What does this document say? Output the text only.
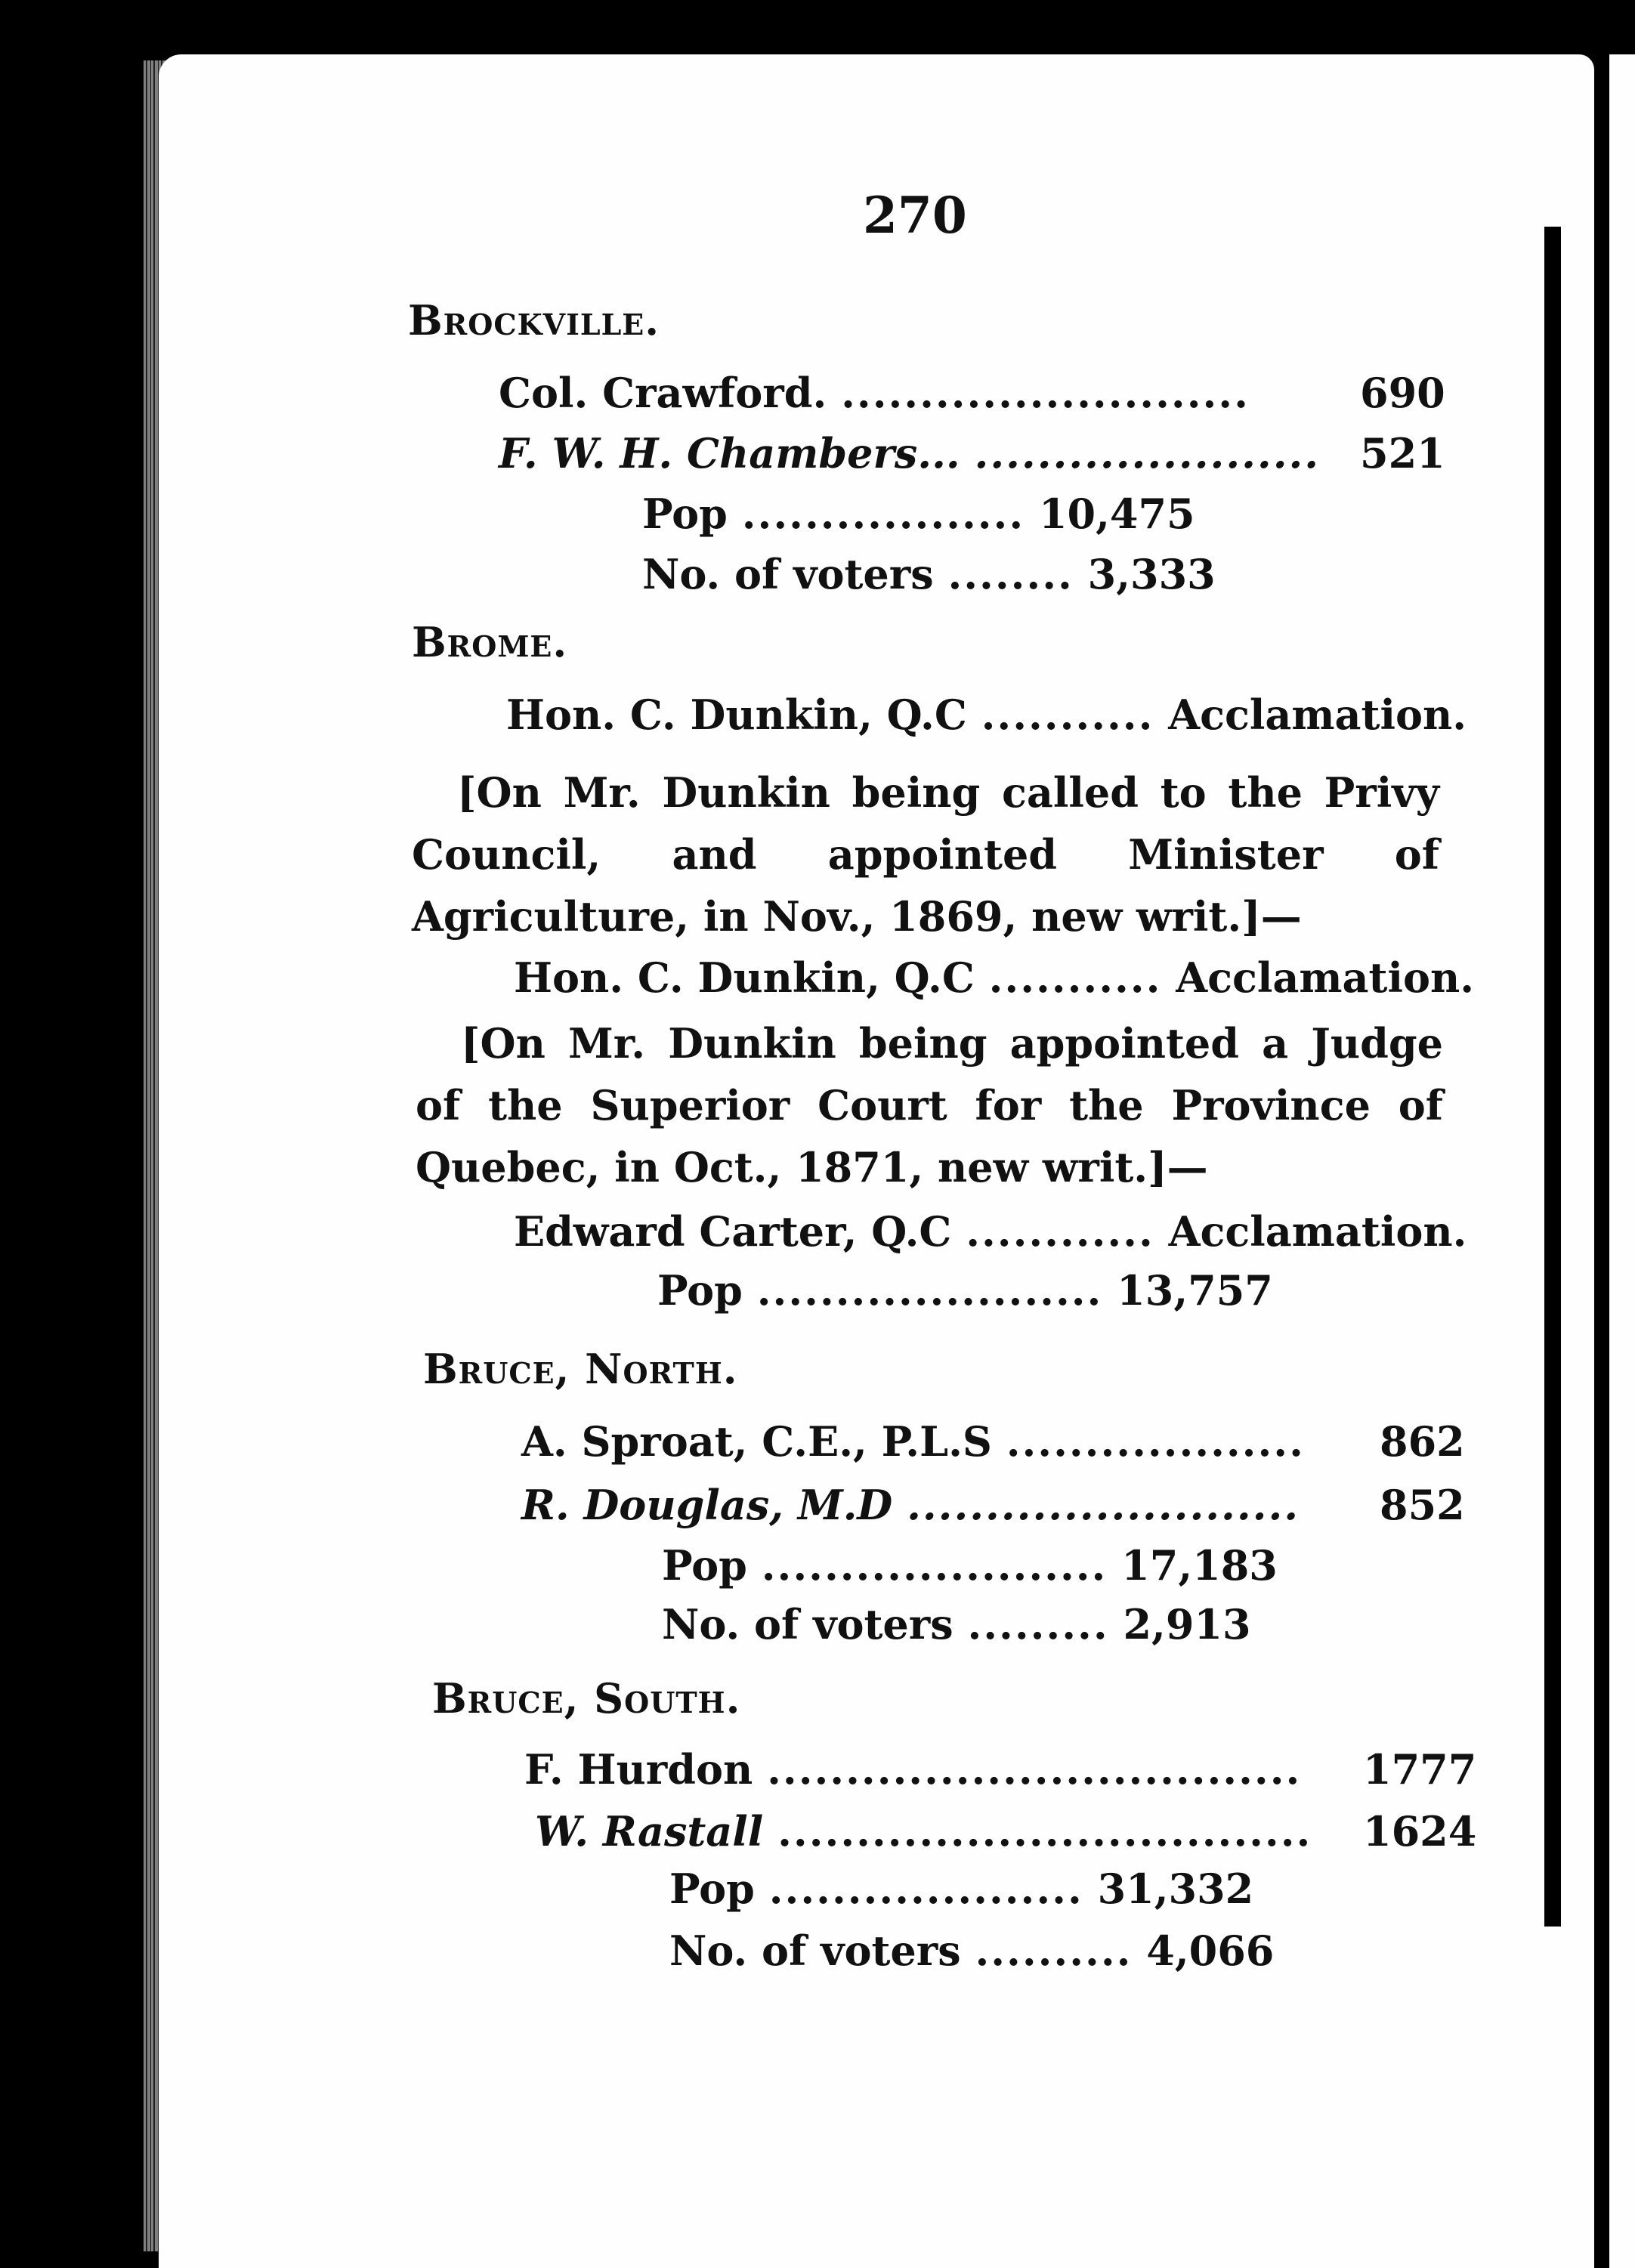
270
Brockville.
Col. Crawford. ..........................	690
F. W. H. Chambers... ...................... 521
Pop .................. 10,475
No. of voters ........ 3,333
Brome.
Hon. C. Dunkin, Q.C ........... Acclamation.
[On Mr. Dunkin being called to the Privy Council, and appointed Minister of Agriculture, in Nov., 1869, new writ.]—
Hon. C. Dunkin, Q.C ........... Acclamation.
[On Mr. Dunkin being appointed a Judge of the Superior Court for the Province of Quebec, in Oct., 1871, new writ.]—
Edward Carter, Q.C ............ Acclamation.
Pop ...................... 13,757
Bruce, North.
A. Sproat, C.E., P.L.S ................... 862
R. Douglas, M.D ......................... 852
Pop ...................... 17,183
No. of voters ......... 2,913
Bruce, South.
F. Hurdon .................................. 1777
W. Rastall .................................. 1624
Pop .................... 31,332
No. of voters .......... 4,066
